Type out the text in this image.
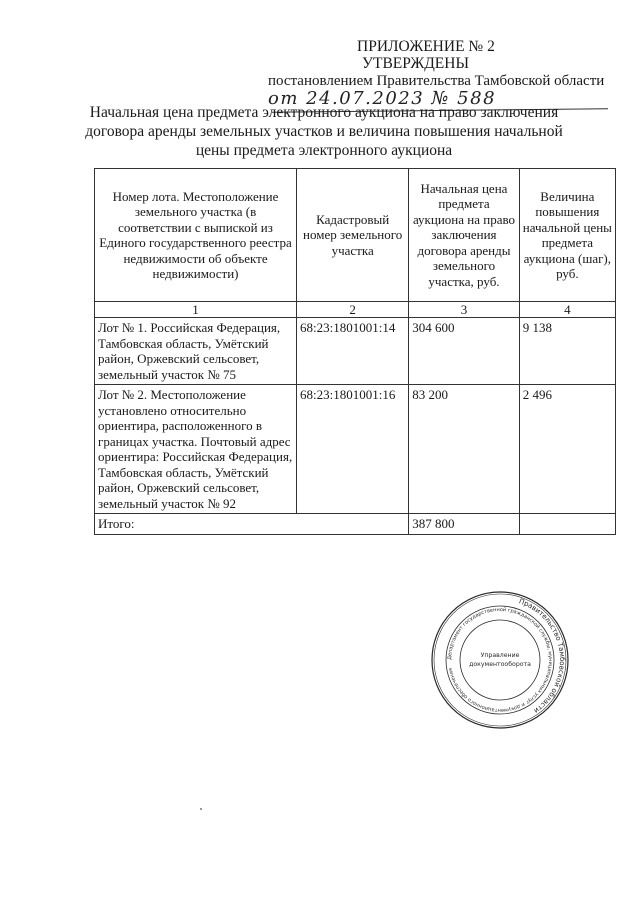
ПРИЛОЖЕНИЕ № 2
УТВЕРЖДЕНЫ
постановлением Правительства Тамбовской области
от 24.07.2023 № 588
Начальная цена предмета электронного аукциона на право заключения договора аренды земельных участков и величина повышения начальной цены предмета электронного аукциона
Номер лота. Местоположение земельного участка (в соответствии с выпиской из Единого государственного реестра недвижимости об объекте недвижимости)	Кадастровый номер земельного участка	Начальная цена предмета аукциона на право заключения договора аренды земельного участка, руб.	Величина повышения начальной цены предмета аукциона (шаг), руб.
1	2	3	4
Лот № 1. Российская Федерация, Тамбовская область, Умётский район, Оржевский сельсовет, земельный участок № 75	68:23:1801001:14	304 600	9 138
Лот № 2. Местоположение установлено относительно ориентира, расположенного в границах участка. Почтовый адрес ориентира: Российская Федерация, Тамбовская область, Умётский район, Оржевский сельсовет, земельный участок № 92	68:23:1801001:16	83 200	2 496
Итого:		387 800	
Правительство Тамбовской области
Департамент государственной гражданской службы, муниципальных услуг и документационного обеспечения
Управление
документооборота
